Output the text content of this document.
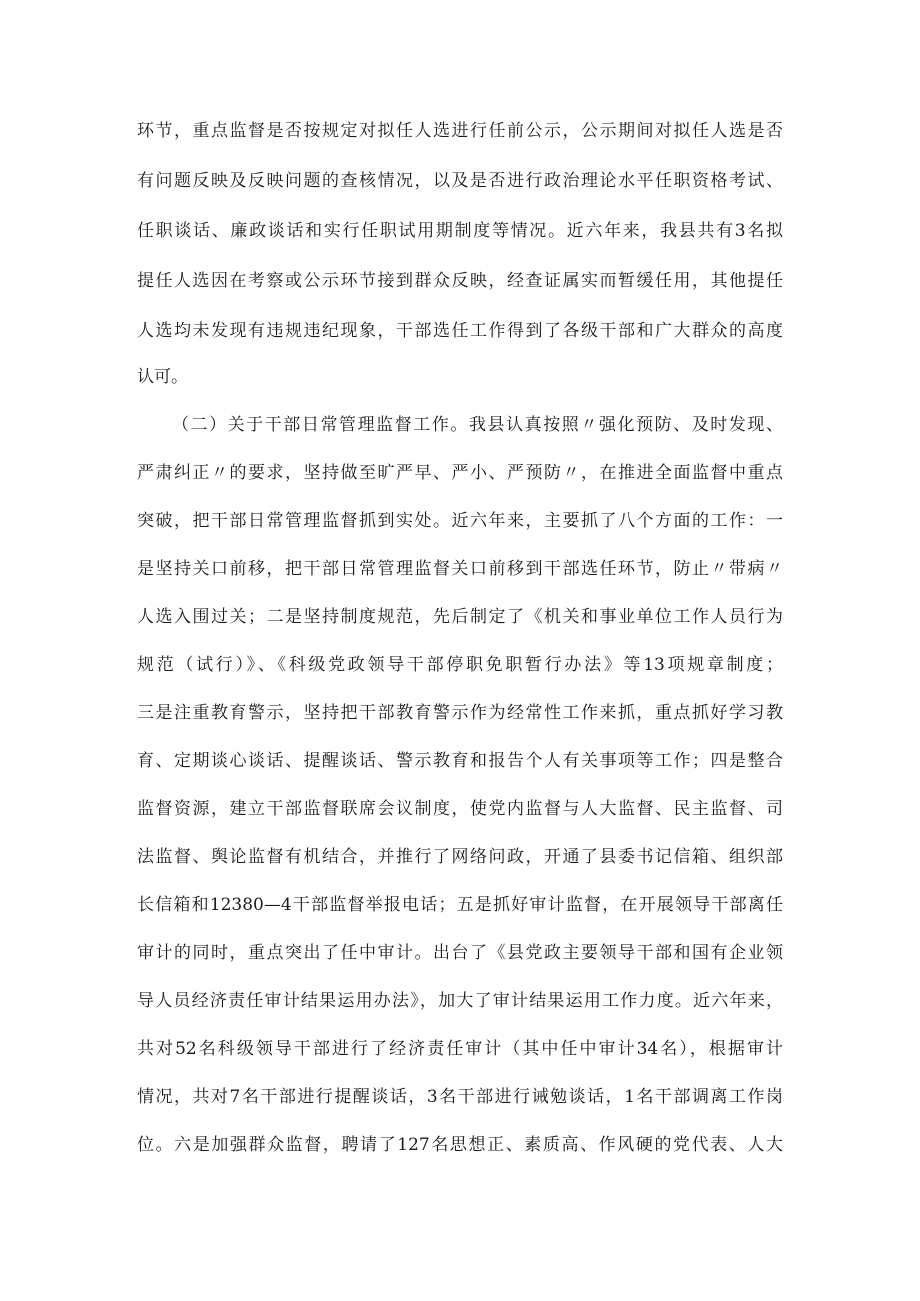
环节，重点监督是否按规定对拟任人选进行任前公示，公示期间对拟任人选是否
有问题反映及反映问题的查核情况，以及是否进行政治理论水平任职资格考试、
任职谈话、廉政谈话和实行任职试用期制度等情况。近六年来，我县共有3名拟
提任人选因在考察或公示环节接到群众反映，经查证属实而暂缓任用，其他提任
人选均未发现有违规违纪现象，干部选任工作得到了各级干部和广大群众的高度
认可。
（二）关于干部日常管理监督工作。我县认真按照〃强化预防、及时发现、
严肃纠正〃的要求，坚持做至旷严早、严小、严预防〃，在推进全面监督中重点
突破，把干部日常管理监督抓到实处。近六年来，主要抓了八个方面的工作：一
是坚持关口前移，把干部日常管理监督关口前移到干部选任环节，防止〃带病〃
人选入围过关；二是坚持制度规范，先后制定了《机关和事业单位工作人员行为
规范（试行）》、《科级党政领导干部停职免职暂行办法》等13项规章制度；
三是注重教育警示，坚持把干部教育警示作为经常性工作来抓，重点抓好学习教
育、定期谈心谈话、提醒谈话、警示教育和报告个人有关事项等工作；四是整合
监督资源，建立干部监督联席会议制度，使党内监督与人大监督、民主监督、司
法监督、舆论监督有机结合，并推行了网络问政，开通了县委书记信箱、组织部
长信箱和12380—4干部监督举报电话；五是抓好审计监督，在开展领导干部离任
审计的同时，重点突出了任中审计。出台了《县党政主要领导干部和国有企业领
导人员经济责任审计结果运用办法》，加大了审计结果运用工作力度。近六年来，
共对52名科级领导干部进行了经济责任审计（其中任中审计34名），根据审计
情况，共对7名干部进行提醒谈话，3名干部进行诫勉谈话，1名干部调离工作岗
位。六是加强群众监督，聘请了127名思想正、素质高、作风硬的党代表、人大
